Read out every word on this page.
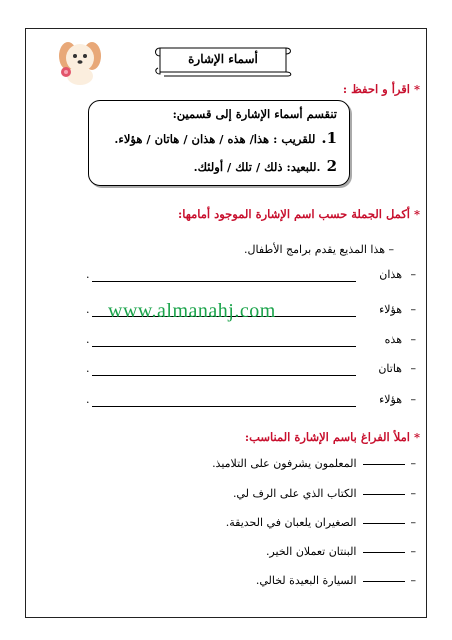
أسماء الإشارة
*اقرأ و احفظ :
تنقسم أسماء الإشارة إلى قسمين:
1.للقريب : هذا/ هذه / هذان / هاتان / هؤلاء.
2.للبعيد: ذلك / تلك / أولئك.
*أكمل الجملة حسب اسم الإشارة الموجود أمامها:
– هذا المذيع يقدم برامج الأطفال.
–
هذان
.
–
هؤلاء
.
–
هذه
.
–
هاتان
.
–
هؤلاء
.
www.almanahj.com
*املأ الفراغ باسم الإشارة المناسب:
–المعلمون يشرفون على التلاميذ.
–الكتاب الذي على الرف لي.
–الصغيران يلعبان في الحديقة.
–البنتان تعملان الخير.
–السيارة البعيدة لخالي.
